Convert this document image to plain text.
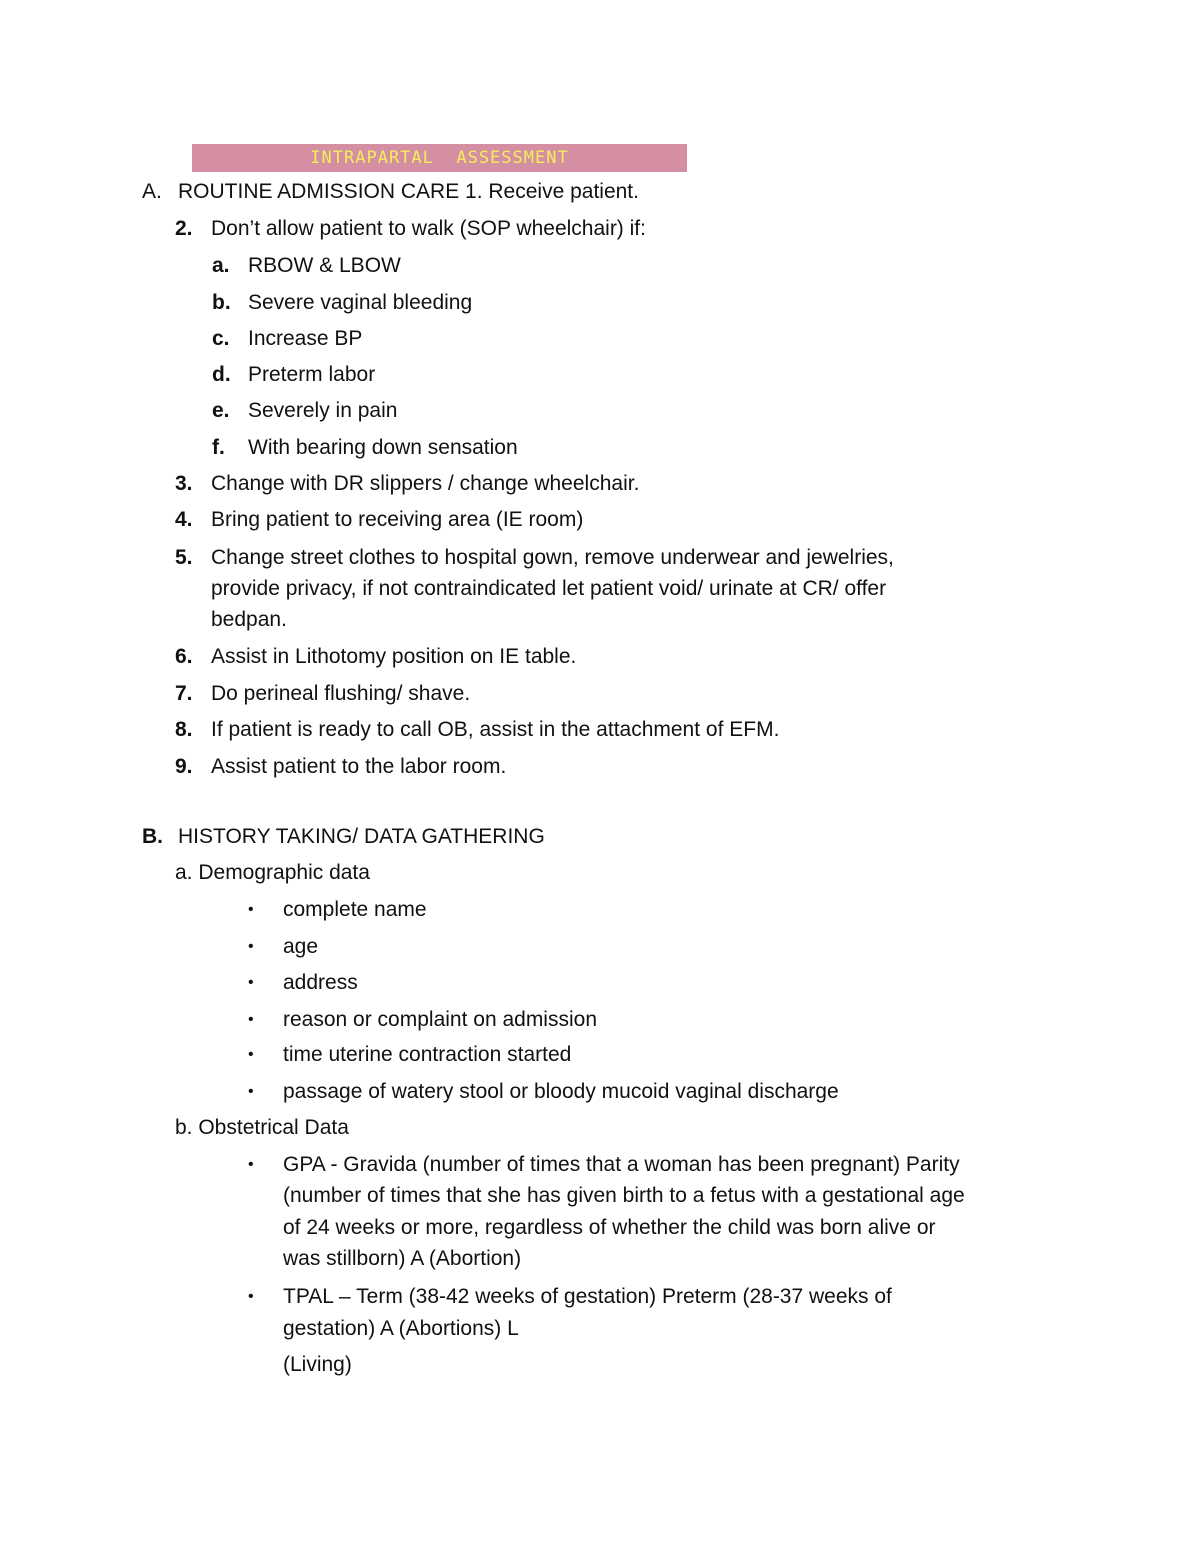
INTRAPARTAL  ASSESSMENT
A. ROUTINE ADMISSION CARE 1. Receive patient.
2. Don’t allow patient to walk (SOP wheelchair) if:
a. RBOW & LBOW
b. Severe vaginal bleeding
c. Increase BP
d. Preterm labor
e. Severely in pain
f. With bearing down sensation
3. Change with DR slippers / change wheelchair.
4. Bring patient to receiving area (IE room)
5. Change street clothes to hospital gown, remove underwear and jewelries,
provide privacy, if not contraindicated let patient void/ urinate at CR/ offer
bedpan.
6. Assist in Lithotomy position on IE table.
7. Do perineal flushing/ shave.
8. If patient is ready to call OB, assist in the attachment of EFM.
9. Assist patient to the labor room.
B. HISTORY TAKING/ DATA GATHERING
a. Demographic data
• complete name
• age
• address
• reason or complaint on admission
• time uterine contraction started
• passage of watery stool or bloody mucoid vaginal discharge
b. Obstetrical Data
• GPA - Gravida (number of times that a woman has been pregnant) Parity
(number of times that she has given birth to a fetus with a gestational age
of 24 weeks or more, regardless of whether the child was born alive or
was stillborn) A (Abortion)
• TPAL – Term (38-42 weeks of gestation) Preterm (28-37 weeks of
gestation) A (Abortions) L
(Living)
